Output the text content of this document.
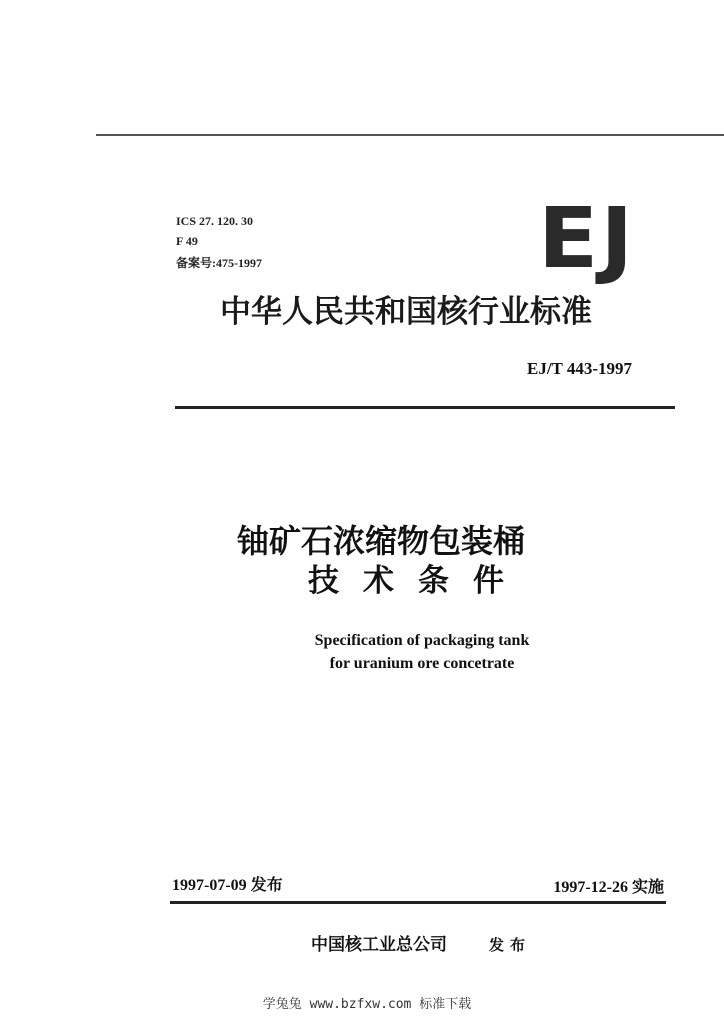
ICS 27. 120. 30
F 49
备案号:475-1997	EJ
中华人民共和国核行业标准
EJ/T 443-1997
铀矿石浓缩物包装桶
技术条件
Specification of packaging tank
for uranium ore concetrate
1997-07-09 发布	1997-12-26 实施
中国核工业总公司	发布
学兔兔 www.bzfxw.com 标准下载
